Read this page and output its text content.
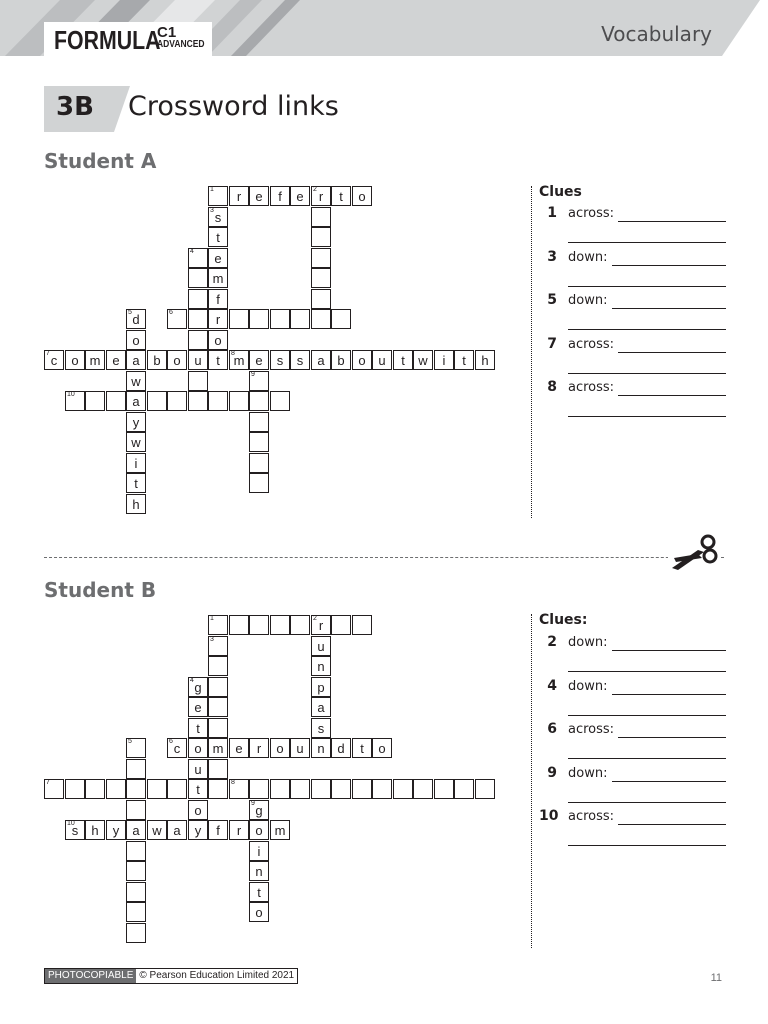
FORMULA
C1
ADVANCED	Vocabulary
3B Crossword links
Student A
1	r	e	f	e	2 r	t	o
3 s
t
4	e
m
f
5 d	6	r
o	o
7 c	o m e a	b o	u	t	8
m e	s	s	a b	o u	t	w	i	t	h
w	9
10	a
y
w
i
t
h
Clues
1 across:
3 down:
5 down:
7 across:
8 across:
Student B
1	2 r
3	u
n
4 g	p
e	a
t	s
5	6 c	o m e	r	o u	n d	t	o
u
7	t	8
o	9 g
10
s	h	y	a w a	y	f	r	o m
i
n
t
o
Clues:
2 down:
4 down:
6 across:
9 down:
10 across:
PHOTOCOPIABLE © Pearson Education Limited 2021	11
